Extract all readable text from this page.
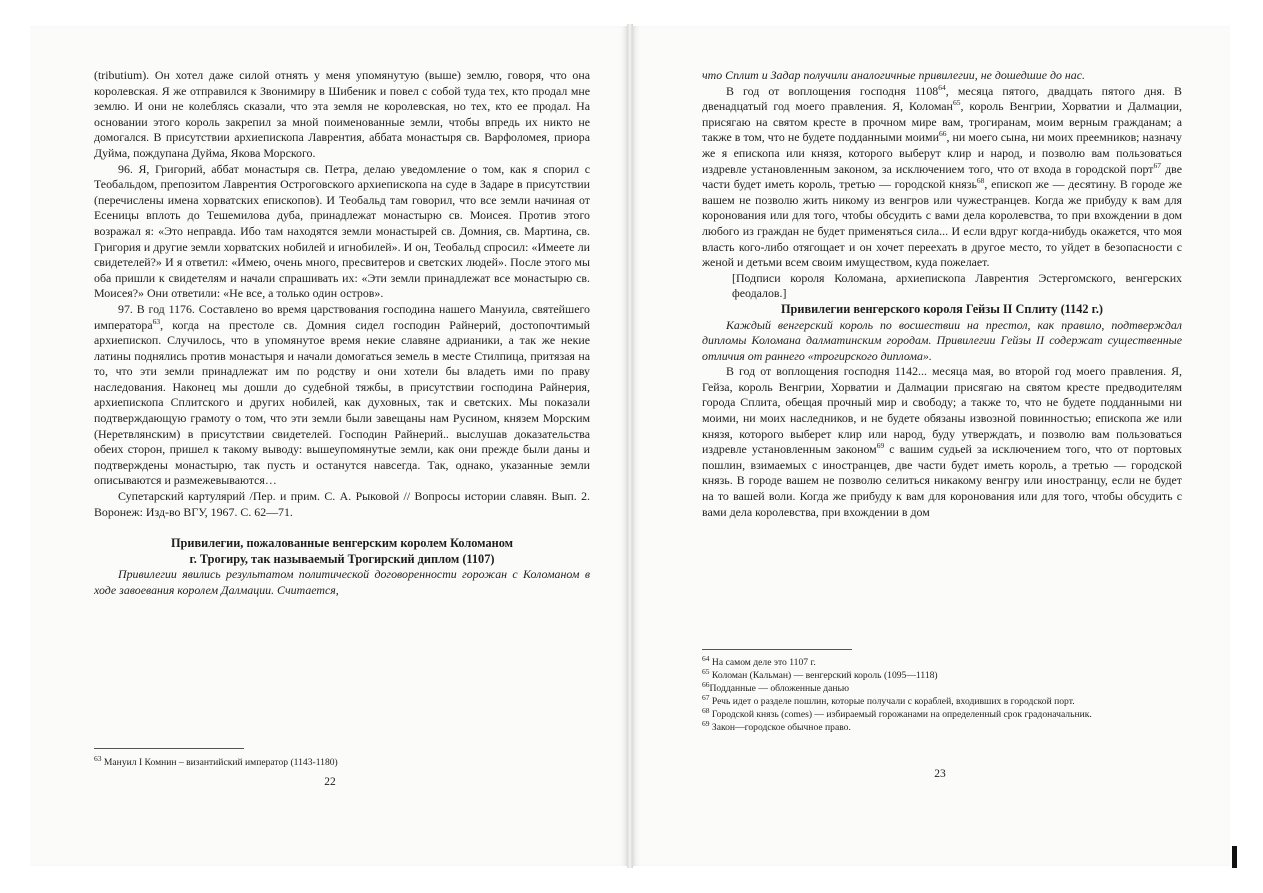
(tributium). Он хотел даже силой отнять у меня упомянутую (выше) землю, говоря, что она королевская. Я же отправился к Звонимиру в Шибеник и повел с собой туда тех, кто продал мне землю. И они не колеблясь сказали, что эта земля не королевская, но тех, кто ее продал. На основании этого король закрепил за мной поименованные земли, чтобы впредь их никто не домогался. В присутствии архиепископа Лаврентия, аббата монастыря св. Варфоломея, приора Дуйма, пождупана Дуйма, Якова Морского.

96. Я, Григорий, аббат монастыря св. Петра, делаю уведомление о том, как я спорил с Теобальдом, препозитом Лаврентия Остроговского архиепископа на суде в Задаре в присутствии (перечислены имена хорватских епископов). И Теобальд там говорил, что все земли начиная от Есеницы вплоть до Тешемилова дуба, принадлежат монастырю св. Моисея. Против этого возражал я: «Это неправда. Ибо там находятся земли монастырей св. Домния, св. Мартина, св. Григория и другие земли хорватских нобилей и игнобилей». И он, Теобальд спросил: «Имеете ли свидетелей?» И я ответил: «Имею, очень много, пресвитеров и светских людей». После этого мы оба пришли к свидетелям и начали спрашивать их: «Эти земли принадлежат все монастырю св. Моисея?» Они ответили: «Не все, а только один остров».

97. В год 1176. Составлено во время царствования господина нашего Мануила, святейшего императора$^{63}$, когда на престоле св. Домния сидел господин Райнерий, достопочтимый архиепископ. Случилось, что в упомянутое время некие славяне адрианики, а так же некие латины поднялись против монастыря и начали домогаться земель в месте Стилпица, притязая на то, что эти земли принадлежат им по родству и они хотели бы владеть ими по праву наследования. Наконец мы дошли до судебной тяжбы, в присутствии господина Райнерия, архиепископа Сплитского и других нобилей, как духовных, так и светских. Мы показали подтверждающую грамоту о том, что эти земли были завещаны нам Русином, князем Морским (Неретвлянским) в присутствии свидетелей. Господин Райнерий.. выслушав доказательства обеих сторон, пришел к такому выводу: вышеупомянутые земли, как они прежде были даны и подтверждены монастырю, так пусть и останутся навсегда. Так, однако, указанные земли описываются и размежевываются…

Супетарский картулярий /Пер. и прим. С. А. Рыковой // Вопросы истории славян. Вып. 2. Воронеж: Изд-во ВГУ, 1967. С. 62—71.

Привилегии, пожалованные венгерским королем Коломаном

г. Трогиру, так называемый Трогирский диплом (1107)

Привилегии явились результатом политической договоренности горожан с Коломаном в ходе завоевания королем Далмации. Считается,

$^{63}$ Мануил I Комнин – византийский император (1143-1180)
22

что Сплит и Задар получили аналогичные привилегии, не дошедшие до нас.

В год от воплощения господня 1108$^{64}$, месяца пятого, двадцать пятого дня. В двенадцатый год моего правления. Я, Коломан$^{65}$, король Венгрии, Хорватии и Далмации, присягаю на святом кресте в прочном мире вам, трогиранам, моим верным гражданам; а также в том, что не будете подданными моими$^{66}$, ни моего сына, ни моих преемников; назначу же я епископа или князя, которого выберут клир и народ, и позволю вам пользоваться издревле установленным законом, за исключением того, что от входа в городской порт$^{67}$ две части будет иметь король, третью — городской князь$^{68}$, епископ же — десятину. В городе же вашем не позволю жить никому из венгров или чужестранцев. Когда же прибуду к вам для коронования или для того, чтобы обсудить с вами дела королевства, то при вхождении в дом любого из граждан не будет применяться сила... И если вдруг когда-нибудь окажется, что моя власть кого-либо отягощает и он хочет переехать в другое место, то уйдет в безопасности с женой и детьми всем своим имуществом, куда пожелает.

[Подписи короля Коломана, архиепископа Лаврентия Эстергомского, венгерских феодалов.]

Привилегии венгерского короля Гейзы II Сплиту (1142 г.)

Каждый венгерский король по восшествии на престол, как правило, подтверждал дипломы Коломана далматинским городам. Привилегии Гейзы II содержат существенные отличия от раннего «трогирского диплома».

В год от воплощения господня 1142... месяца мая, во второй год моего правления. Я, Гейза, король Венгрии, Хорватии и Далмации присягаю на святом кресте предводителям города Сплита, обещая прочный мир и свободу; а также то, что не будете подданными ни моими, ни моих наследников, и не будете обязаны извозной повинностью; епископа же или князя, которого выберет клир или народ, буду утверждать, и позволю вам пользоваться издревле установленным законом$^{69}$ с вашим судьей за исключением того, что от портовых пошлин, взимаемых с иностранцев, две части будет иметь король, а третью — городской князь. В городе вашем не позволю селиться никакому венгру или иностранцу, если не будет на то вашей воли. Когда же прибуду к вам для коронования или для того, чтобы обсудить с вами дела королевства, при вхождении в дом

$^{64}$ На самом деле это 1107 г.
$^{65}$ Коломан (Кальман) — венгерский король (1095—1118)
$^{66}$Подданные — обложенные данью
$^{67}$ Речь идет о разделе пошлин, которые получали с кораблей, входивших в городской порт.
$^{68}$ Городской князь (comes) — избираемый горожанами на определенный срок градоначальник.
$^{69}$ Закон—городское обычное право.
23
